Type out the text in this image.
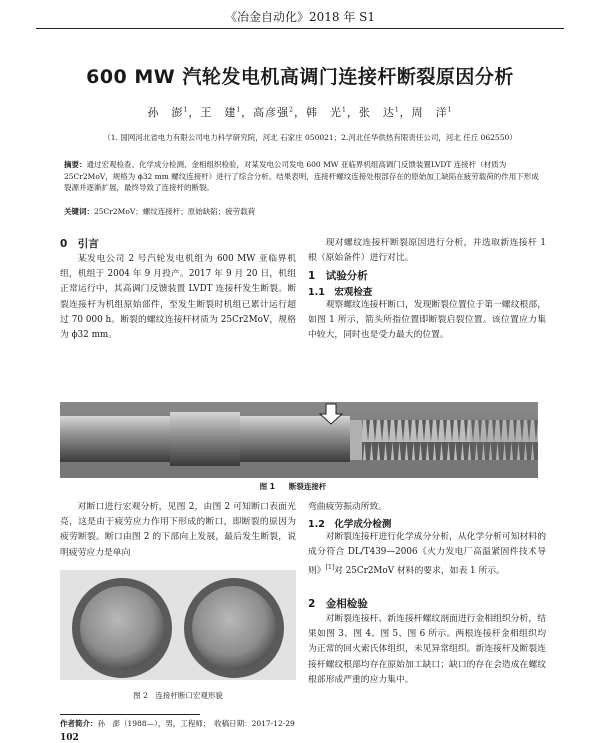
《冶金自动化》2018 年 S1
600 MW 汽轮发电机高调门连接杆断裂原因分析
孙　澎$^1$，王　建$^1$，高彦强$^2$，韩　光$^1$，张　达$^1$，周　洋$^1$
（1. 国网河北省电力有限公司电力科学研究院，河北 石家庄 050021；2.河北任华供热有限责任公司，河北 任丘 062550）
摘要：通过宏观检查、化学成分检测、金相组织检验，对某发电公司发电 600 MW 亚临界机组高调门反馈装置LVDT 连接杆（材质为 25Cr2MoV，规格为 ϕ32 mm 螺纹连接杆）进行了综合分析。结果表明，连接杆螺纹连接处根部存在的原始加工缺陷在疲劳载荷的作用下形成裂源并逐渐扩展，最终导致了连接杆的断裂。
关键词：25Cr2MoV；螺纹连接杆；原始缺陷；疲劳载荷
0　引言

某发电公司 2 号汽轮发电机组为 600 MW 亚临界机组，机组于 2004 年 9 月投产。2017 年 9 月 20 日，机组正常运行中，其高调门反馈装置 LVDT 连接杆发生断裂。断裂连接杆为机组原始部件，至发生断裂时机组已累计运行超过 70 000 h。断裂的螺纹连接杆材质为 25Cr2MoV，规格为 ϕ32 mm。

现对螺纹连接杆断裂原因进行分析，并选取新连接杆 1 根（原始备件）进行对比。

1　试验分析
1.1　宏观检查

观察螺纹连接杆断口，发现断裂位置位于第一螺纹根部，如图 1 所示，箭头所指位置即断裂启裂位置。该位置应力集中较大，同时也是受力最大的位置。

图 1 断裂连接杆

对断口进行宏观分析，见图 2，由图 2 可知断口表面光亮，这是由于疲劳应力作用下形成的断口，即断裂的原因为疲劳断裂。断口由图 2 的下部向上发展，最后发生断裂，说明疲劳应力是单向

图 2　连接杆断口宏观形貌

弯曲疲劳振动所致。

1.2　化学成分检测

对断裂连接杆进行化学成分分析，从化学分析可知材料的成分符合 DL/T439—2006《火力发电厂高温紧固件技术导则》[1]对 25Cr2MoV 材料的要求，如表 1 所示。

2　金相检验

对断裂连接杆、新连接杆螺纹剖面进行金相组织分析，结果如图 3、图 4、图 5、图 6 所示。两根连接杆金相组织均为正常的回火索氏体组织，未见异常组织。新连接杆及断裂连接杆螺纹根部均存在原始加工缺口；缺口的存在会造成在螺纹根部形成严重的应力集中。

作者简介：孙　澎（1988—），男，工程师；　收稿日期：2017-12-29
102
